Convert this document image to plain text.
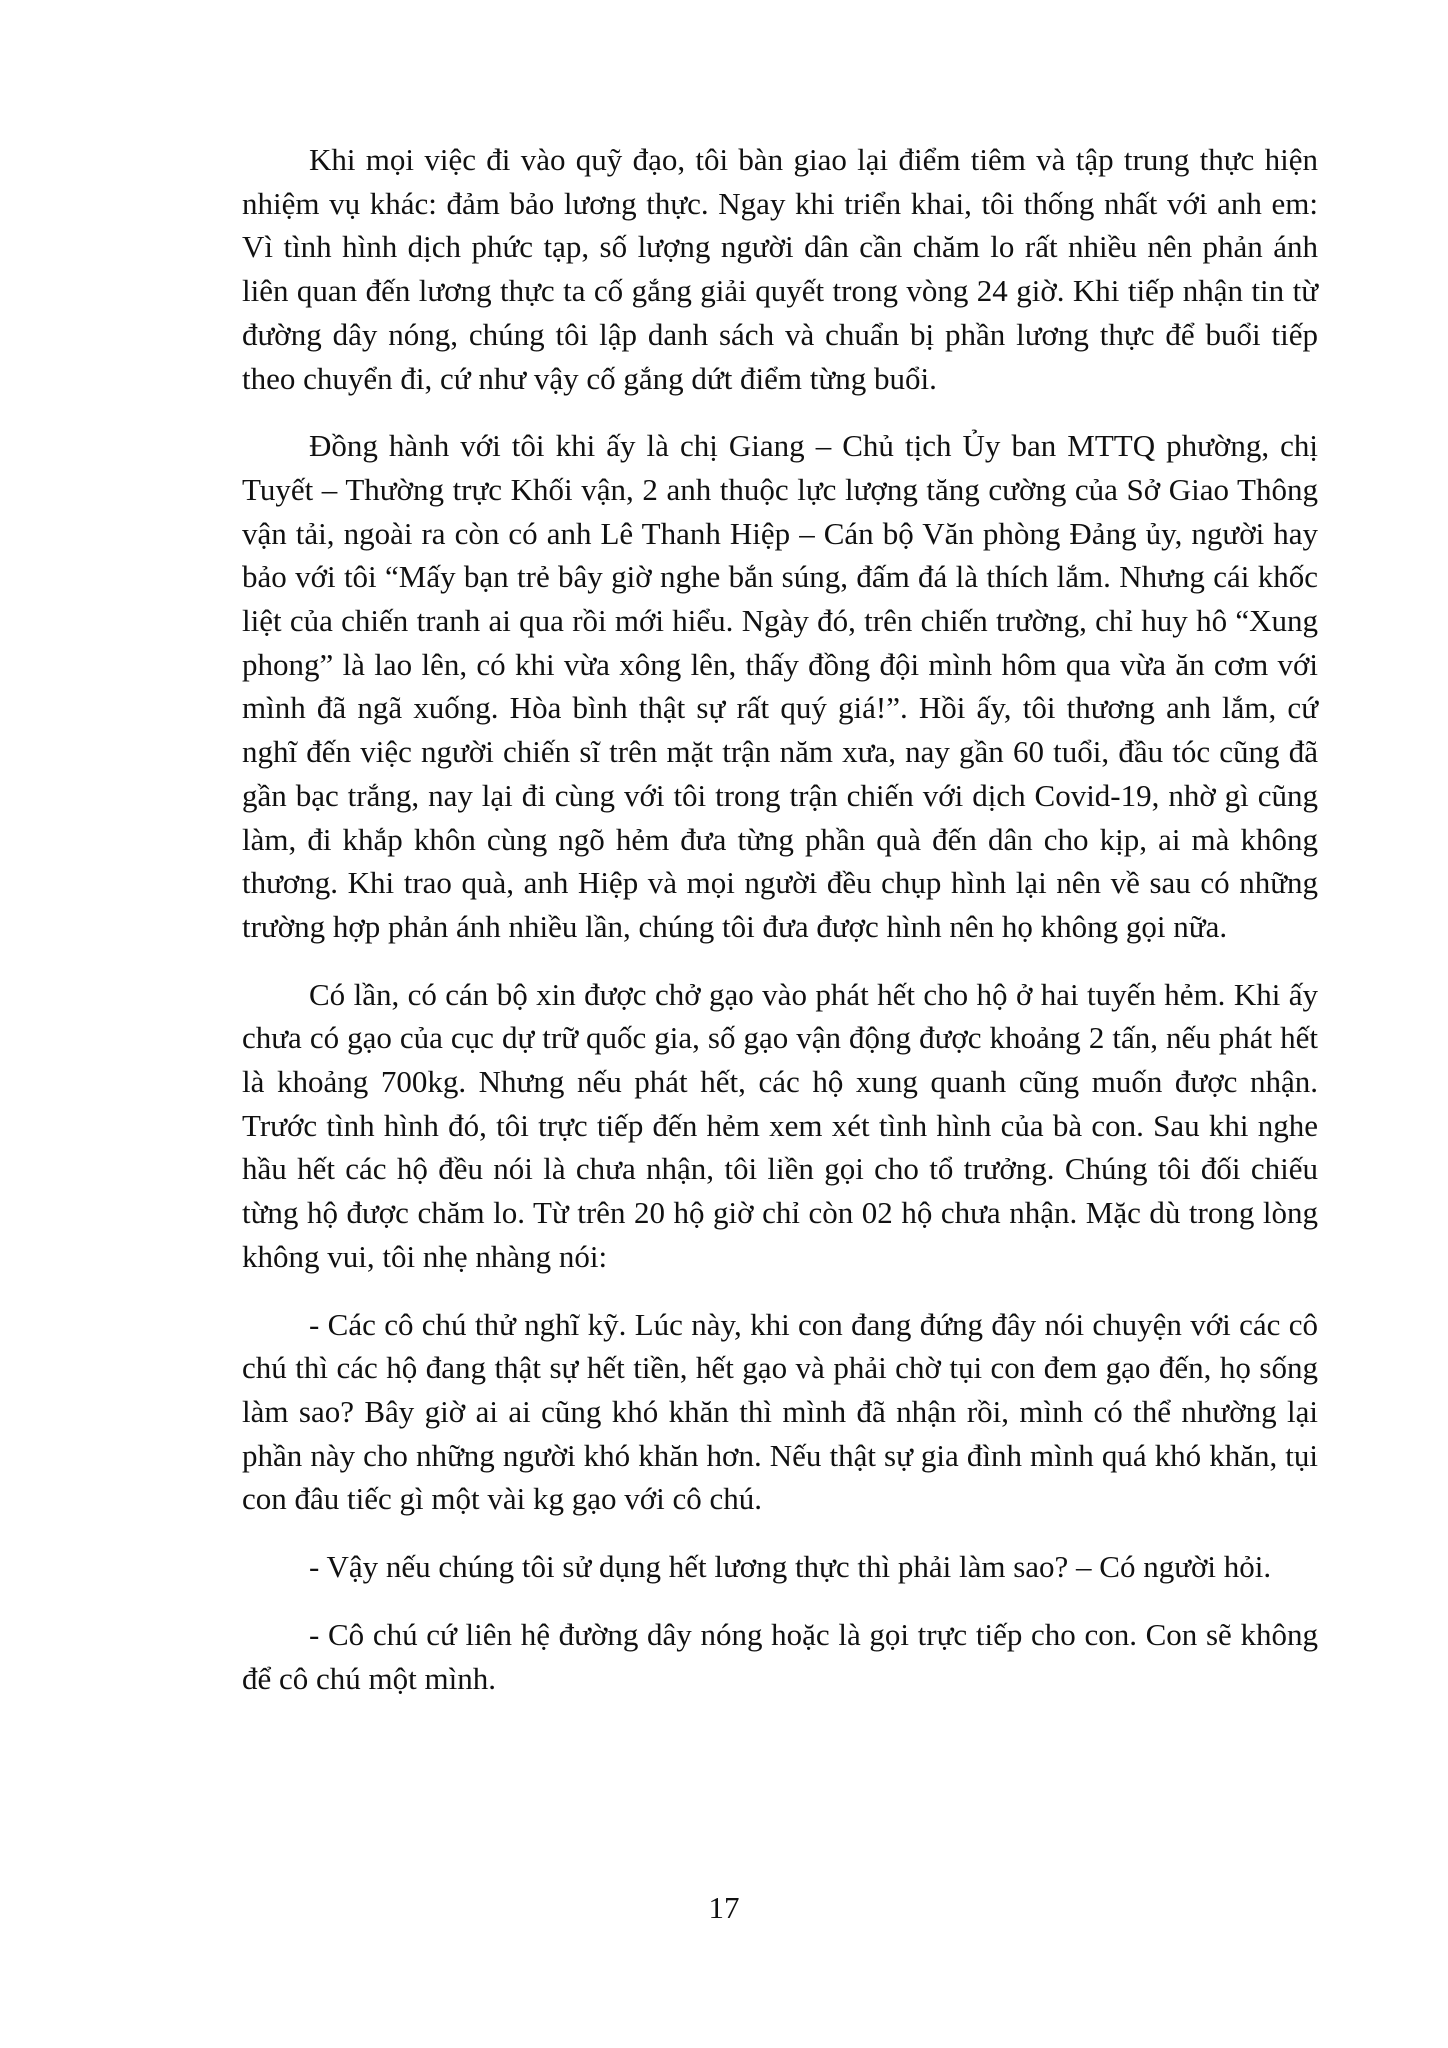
Khi mọi việc đi vào quỹ đạo, tôi bàn giao lại điểm tiêm và tập trung thực hiện nhiệm vụ khác: đảm bảo lương thực. Ngay khi triển khai, tôi thống nhất với anh em: Vì tình hình dịch phức tạp, số lượng người dân cần chăm lo rất nhiều nên phản ánh liên quan đến lương thực ta cố gắng giải quyết trong vòng 24 giờ. Khi tiếp nhận tin từ đường dây nóng, chúng tôi lập danh sách và chuẩn bị phần lương thực để buổi tiếp theo chuyển đi, cứ như vậy cố gắng dứt điểm từng buổi.

Đồng hành với tôi khi ấy là chị Giang – Chủ tịch Ủy ban MTTQ phường, chị Tuyết – Thường trực Khối vận, 2 anh thuộc lực lượng tăng cường của Sở Giao Thông vận tải, ngoài ra còn có anh Lê Thanh Hiệp – Cán bộ Văn phòng Đảng ủy, người hay bảo với tôi “Mấy bạn trẻ bây giờ nghe bắn súng, đấm đá là thích lắm. Nhưng cái khốc liệt của chiến tranh ai qua rồi mới hiểu. Ngày đó, trên chiến trường, chỉ huy hô “Xung phong” là lao lên, có khi vừa xông lên, thấy đồng đội mình hôm qua vừa ăn cơm với mình đã ngã xuống. Hòa bình thật sự rất quý giá!”. Hồi ấy, tôi thương anh lắm, cứ nghĩ đến việc người chiến sĩ trên mặt trận năm xưa, nay gần 60 tuổi, đầu tóc cũng đã gần bạc trắng, nay lại đi cùng với tôi trong trận chiến với dịch Covid-19, nhờ gì cũng làm, đi khắp khôn cùng ngõ hẻm đưa từng phần quà đến dân cho kịp, ai mà không thương. Khi trao quà, anh Hiệp và mọi người đều chụp hình lại nên về sau có những trường hợp phản ánh nhiều lần, chúng tôi đưa được hình nên họ không gọi nữa.

Có lần, có cán bộ xin được chở gạo vào phát hết cho hộ ở hai tuyến hẻm. Khi ấy chưa có gạo của cục dự trữ quốc gia, số gạo vận động được khoảng 2 tấn, nếu phát hết là khoảng 700kg. Nhưng nếu phát hết, các hộ xung quanh cũng muốn được nhận. Trước tình hình đó, tôi trực tiếp đến hẻm xem xét tình hình của bà con. Sau khi nghe hầu hết các hộ đều nói là chưa nhận, tôi liền gọi cho tổ trưởng. Chúng tôi đối chiếu từng hộ được chăm lo. Từ trên 20 hộ giờ chỉ còn 02 hộ chưa nhận. Mặc dù trong lòng không vui, tôi nhẹ nhàng nói:

- Các cô chú thử nghĩ kỹ. Lúc này, khi con đang đứng đây nói chuyện với các cô chú thì các hộ đang thật sự hết tiền, hết gạo và phải chờ tụi con đem gạo đến, họ sống làm sao? Bây giờ ai ai cũng khó khăn thì mình đã nhận rồi, mình có thể nhường lại phần này cho những người khó khăn hơn. Nếu thật sự gia đình mình quá khó khăn, tụi con đâu tiếc gì một vài kg gạo với cô chú.

- Vậy nếu chúng tôi sử dụng hết lương thực thì phải làm sao? – Có người hỏi.

- Cô chú cứ liên hệ đường dây nóng hoặc là gọi trực tiếp cho con. Con sẽ không để cô chú một mình.

17
